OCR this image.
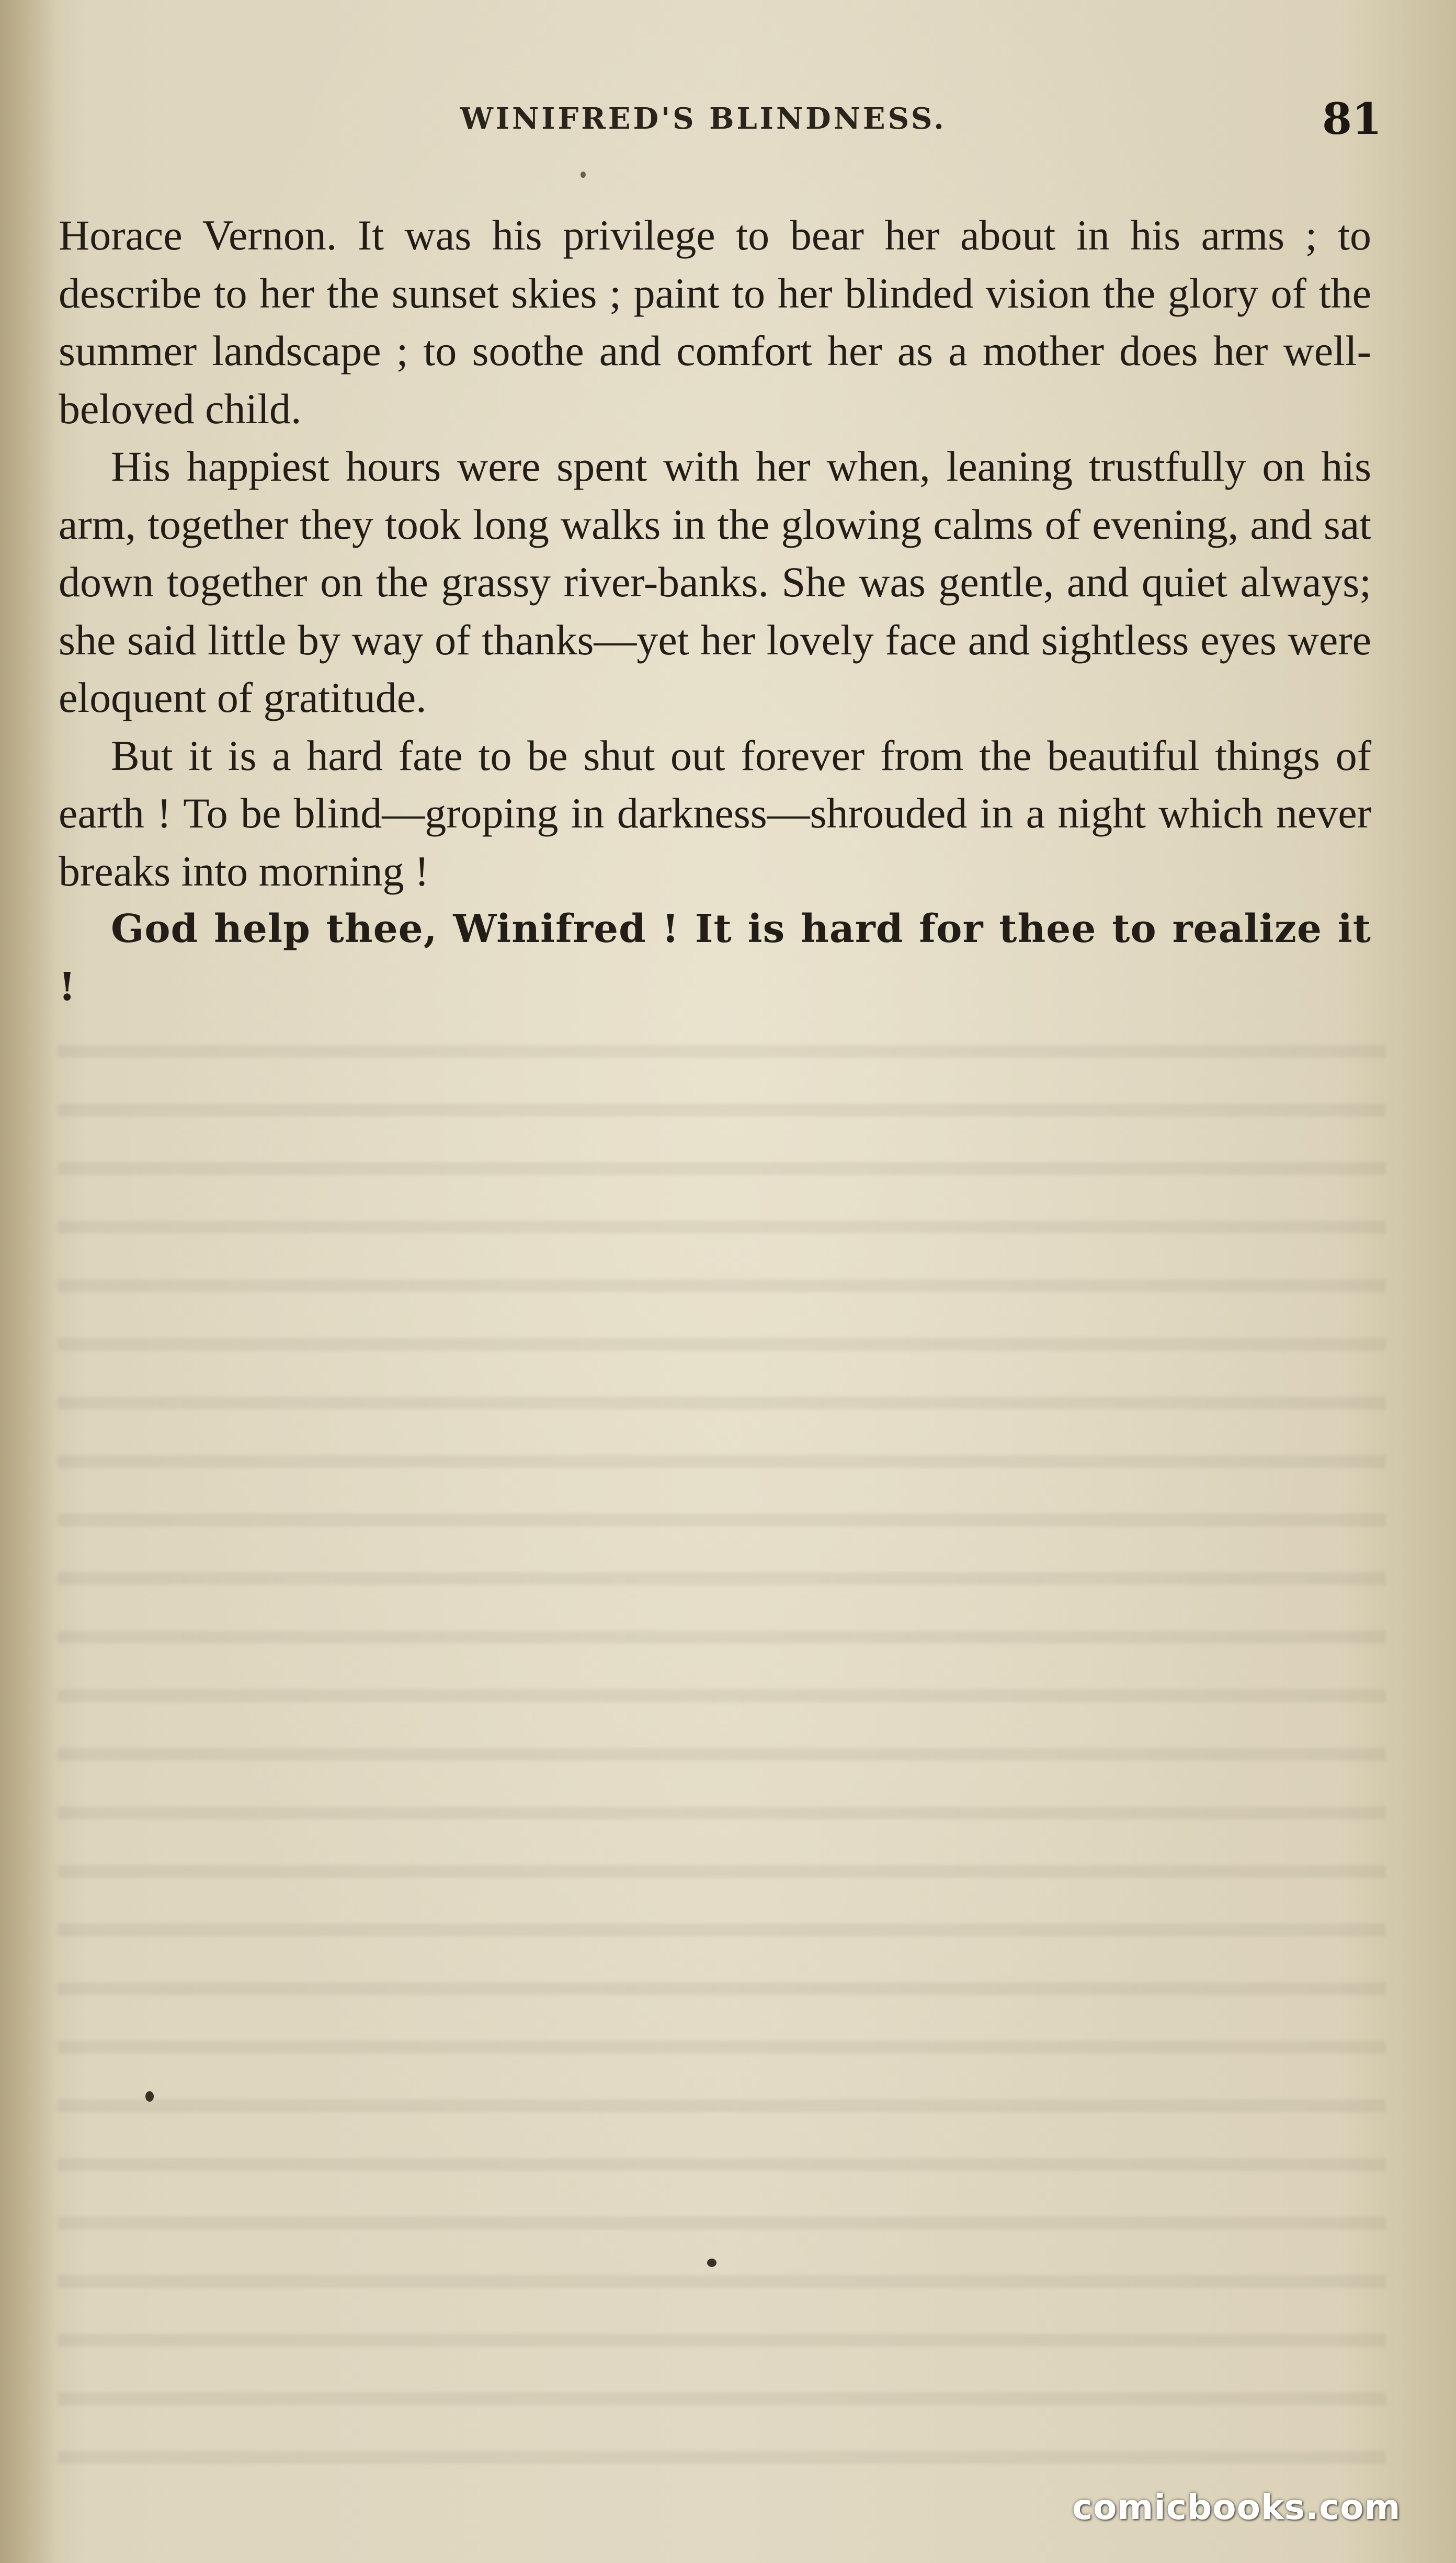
WINIFRED'S BLINDNESS.	81

Horace Vernon. It was his privilege to bear her about in his arms ; to describe to her the sunset skies ; paint to her blinded vision the glory of the summer landscape ; to soothe and comfort her as a mother does her well-beloved child.

His happiest hours were spent with her when, leaning trustfully on his arm, together they took long walks in the glowing calms of evening, and sat down together on the grassy river-banks. She was gentle, and quiet always; she said little by way of thanks—yet her lovely face and sightless eyes were eloquent of gratitude.

But it is a hard fate to be shut out forever from the beautiful things of earth ! To be blind—groping in darkness—shrouded in a night which never breaks into morning !

God help thee, Winifred ! It is hard for thee to realize it !

comicbooks.com
